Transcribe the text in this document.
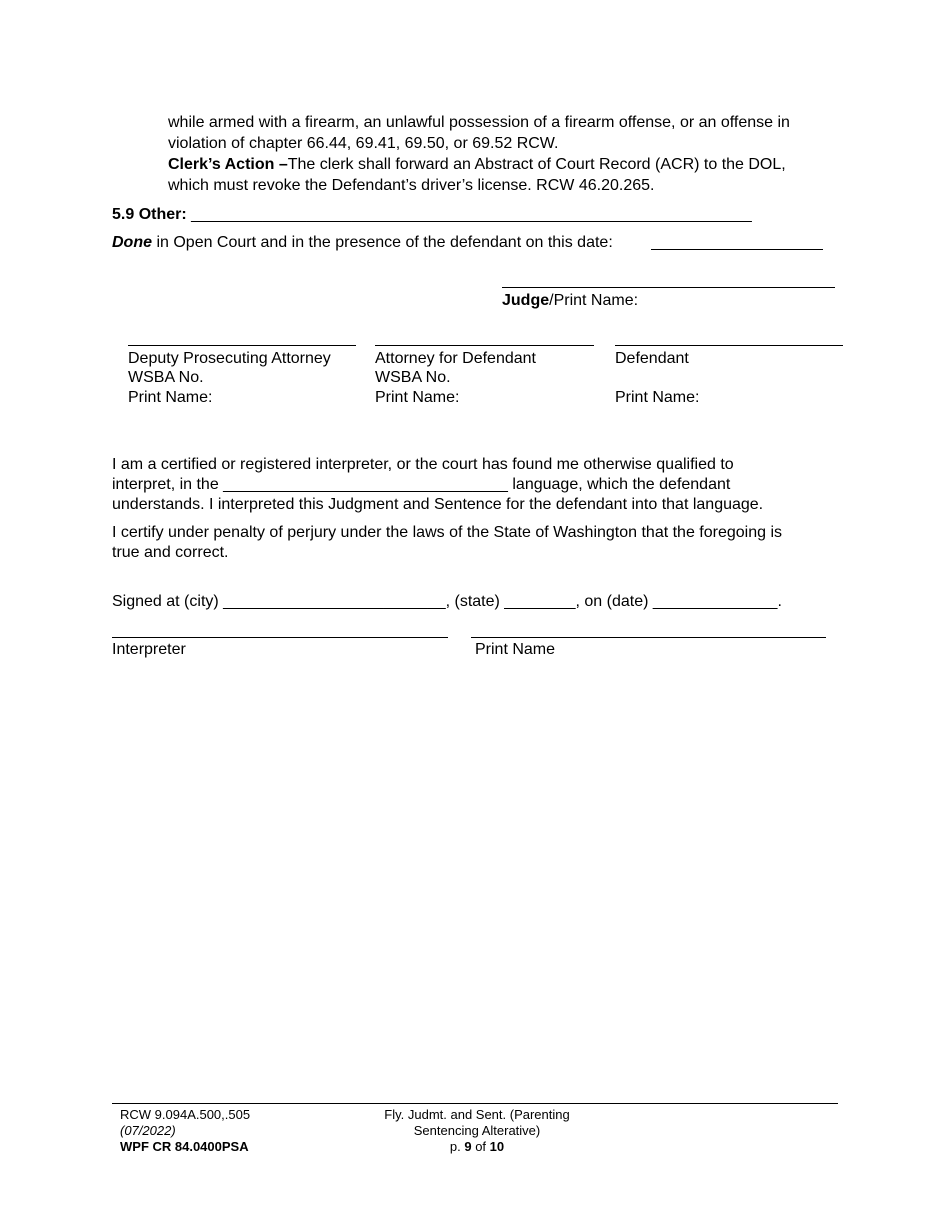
while armed with a firearm, an unlawful possession of a firearm offense, or an offense in
violation of chapter 66.44, 69.41, 69.50, or 69.52 RCW.
Clerk’s Action –The clerk shall forward an Abstract of Court Record (ACR) to the DOL,
which must revoke the Defendant’s driver’s license. RCW 46.20.265.
5.9 Other: _______________________________________________________________
Done in Open Court and in the presence of the defendant on this date:
Judge/Print Name:
Deputy Prosecuting Attorney
WSBA No.
Print Name:
Attorney for Defendant
WSBA No.
Print Name:
Defendant
Print Name:
I am a certified or registered interpreter, or the court has found me otherwise qualified to
interpret, in the ________________________________ language, which the defendant
understands. I interpreted this Judgment and Sentence for the defendant into that language.
I certify under penalty of perjury under the laws of the State of Washington that the foregoing is
true and correct.
Signed at (city) _________________________, (state) ________, on (date) ______________.
Interpreter	Print Name
RCW 9.094A.500,.505
(07/2022)
WPF CR 84.0400PSA
Fly. Judmt. and Sent. (Parenting
Sentencing Alterative)
p. 9 of 10
